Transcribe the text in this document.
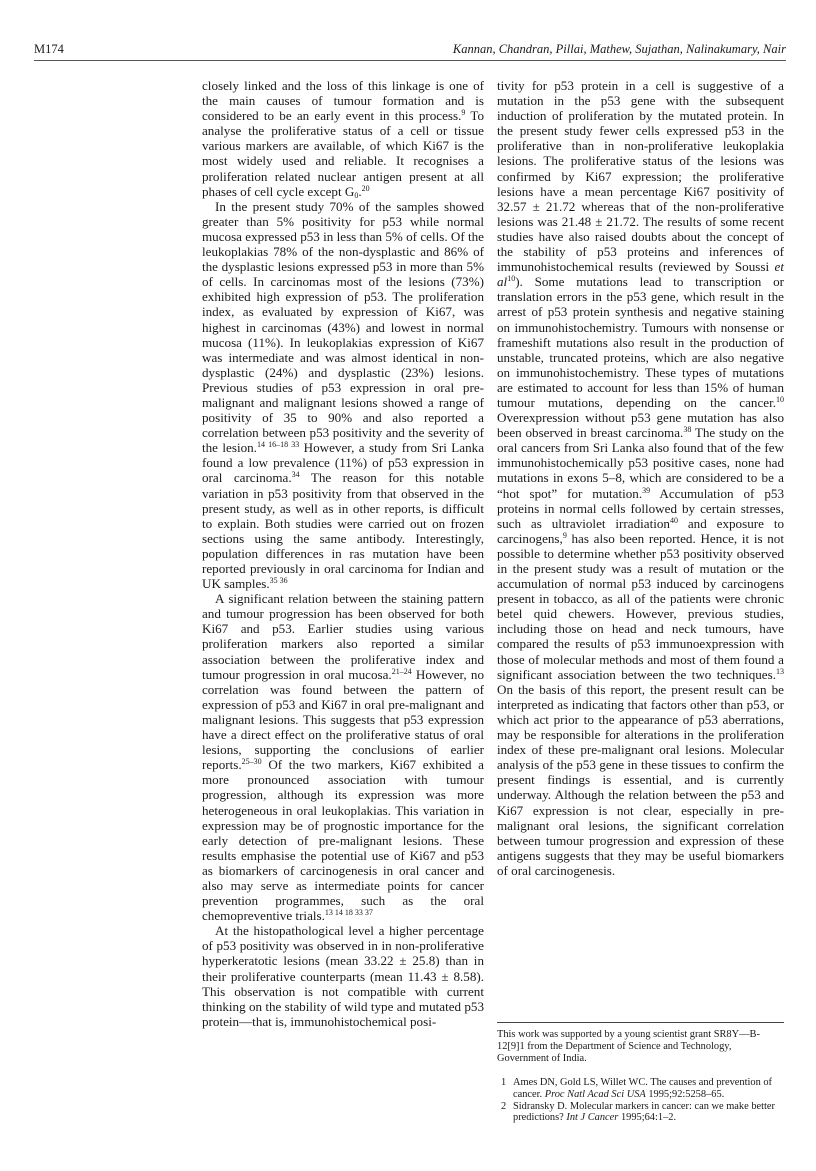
M174	Kannan, Chandran, Pillai, Mathew, Sujathan, Nalinakumary, Nair

closely linked and the loss of this linkage is one of the main causes of tumour formation and is considered to be an early event in this process.$^9$ To analyse the proliferative status of a cell or tissue various markers are available, of which Ki67 is the most widely used and reliable. It recognises a proliferation related nuclear antigen present at all phases of cell cycle except $G_0.^{20}$

In the present study 70% of the samples showed greater than 5% positivity for p53 while normal mucosa expressed p53 in less than 5% of cells. Of the leukoplakias 78% of the non-dysplastic and 86% of the dysplastic lesions expressed p53 in more than 5% of cells. In carcinomas most of the lesions (73%) exhibited high expression of p53. The proliferation index, as evaluated by expression of Ki67, was highest in carcinomas (43%) and lowest in normal mucosa (11%). In leukoplakias expression of Ki67 was intermediate and was almost identical in non-dysplastic (24%) and dysplastic (23%) lesions. Previous studies of p53 expression in oral pre-malignant and malignant lesions showed a range of positivity of 35 to 90% and also reported a correlation between p53 positivity and the severity of the lesion.$^{14 16-18 33}$ However, a study from Sri Lanka found a low prevalence (11%) of p53 expression in oral carcinoma.$^{34}$ The reason for this notable variation in p53 positivity from that observed in the present study, as well as in other reports, is difficult to explain. Both studies were carried out on frozen sections using the same antibody. Interestingly, population differences in ras mutation have been reported previously in oral carcinoma for Indian and UK samples.$^{35 36}$

A significant relation between the staining pattern and tumour progression has been observed for both Ki67 and p53. Earlier studies using various proliferation markers also reported a similar association between the proliferative index and tumour progression in oral mucosa.$^{21-24}$ However, no correlation was found between the pattern of expression of p53 and Ki67 in oral pre-malignant and malignant lesions. This suggests that p53 expression have a direct effect on the proliferative status of oral lesions, supporting the conclusions of earlier reports.$^{25-30}$ Of the two markers, Ki67 exhibited a more pronounced association with tumour progression, although its expression was more heterogeneous in oral leukoplakias. This variation in expression may be of prognostic importance for the early detection of pre-malignant lesions. These results emphasise the potential use of Ki67 and p53 as biomarkers of carcinogenesis in oral cancer and also may serve as intermediate points for cancer prevention programmes, such as the oral chemopreventive trials.$^{13 14 18 33 37}$

At the histopathological level a higher percentage of p53 positivity was observed in in non-proliferative hyperkeratotic lesions (mean 33.22 ± 25.8) than in their proliferative counterparts (mean 11.43 ± 8.58). This observation is not compatible with current thinking on the stability of wild type and mutated p53 protein—that is, immunohistochemical posi-

tivity for p53 protein in a cell is suggestive of a mutation in the p53 gene with the subsequent induction of proliferation by the mutated protein. In the present study fewer cells expressed p53 in the proliferative than in non-proliferative leukoplakia lesions. The proliferative status of the lesions was confirmed by Ki67 expression; the proliferative lesions have a mean percentage Ki67 positivity of 32.57 ± 21.72 whereas that of the non-proliferative lesions was 21.48 ± 21.72. The results of some recent studies have also raised doubts about the concept of the stability of p53 proteins and inferences of immunohistochemical results (reviewed by Soussi et $al^{10}$). Some mutations lead to transcription or translation errors in the p53 gene, which result in the arrest of p53 protein synthesis and negative staining on immunohistochemistry. Tumours with nonsense or frameshift mutations also result in the production of unstable, truncated proteins, which are also negative on immunohistochemistry. These types of mutations are estimated to account for less than 15% of human tumour mutations, depending on the cancer.$^{10}$ Overexpression without p53 gene mutation has also been observed in breast carcinoma.$^{38}$ The study on the oral cancers from Sri Lanka also found that of the few immunohistochemically p53 positive cases, none had mutations in exons 5–8, which are considered to be a “hot spot” for mutation.$^{39}$ Accumulation of p53 proteins in normal cells followed by certain stresses, such as ultraviolet irradiation$^{40}$ and exposure to carcinogens,$^9$ has also been reported. Hence, it is not possible to determine whether p53 positivity observed in the present study was a result of mutation or the accumulation of normal p53 induced by carcinogens present in tobacco, as all of the patients were chronic betel quid chewers. However, previous studies, including those on head and neck tumours, have compared the results of p53 immunoexpression with those of molecular methods and most of them found a significant association between the two techniques.$^{13}$ On the basis of this report, the present result can be interpreted as indicating that factors other than p53, or which act prior to the appearance of p53 aberrations, may be responsible for alterations in the proliferation index of these pre-malignant oral lesions. Molecular analysis of the p53 gene in these tissues to confirm the present findings is essential, and is currently underway. Although the relation between the p53 and Ki67 expression is not clear, especially in pre-malignant oral lesions, the significant correlation between tumour progression and expression of these antigens suggests that they may be useful biomarkers of oral carcinogenesis.

This work was supported by a young scientist grant SR8Y—B-12[9]1 from the Department of Science and Technology, Government of India.

1 Ames DN, Gold LS, Willet WC. The causes and prevention of cancer. Proc Natl Acad Sci USA 1995;92:5258–65.

2 Sidransky D. Molecular markers in cancer: can we make better predictions? Int J Cancer 1995;64:1–2.
